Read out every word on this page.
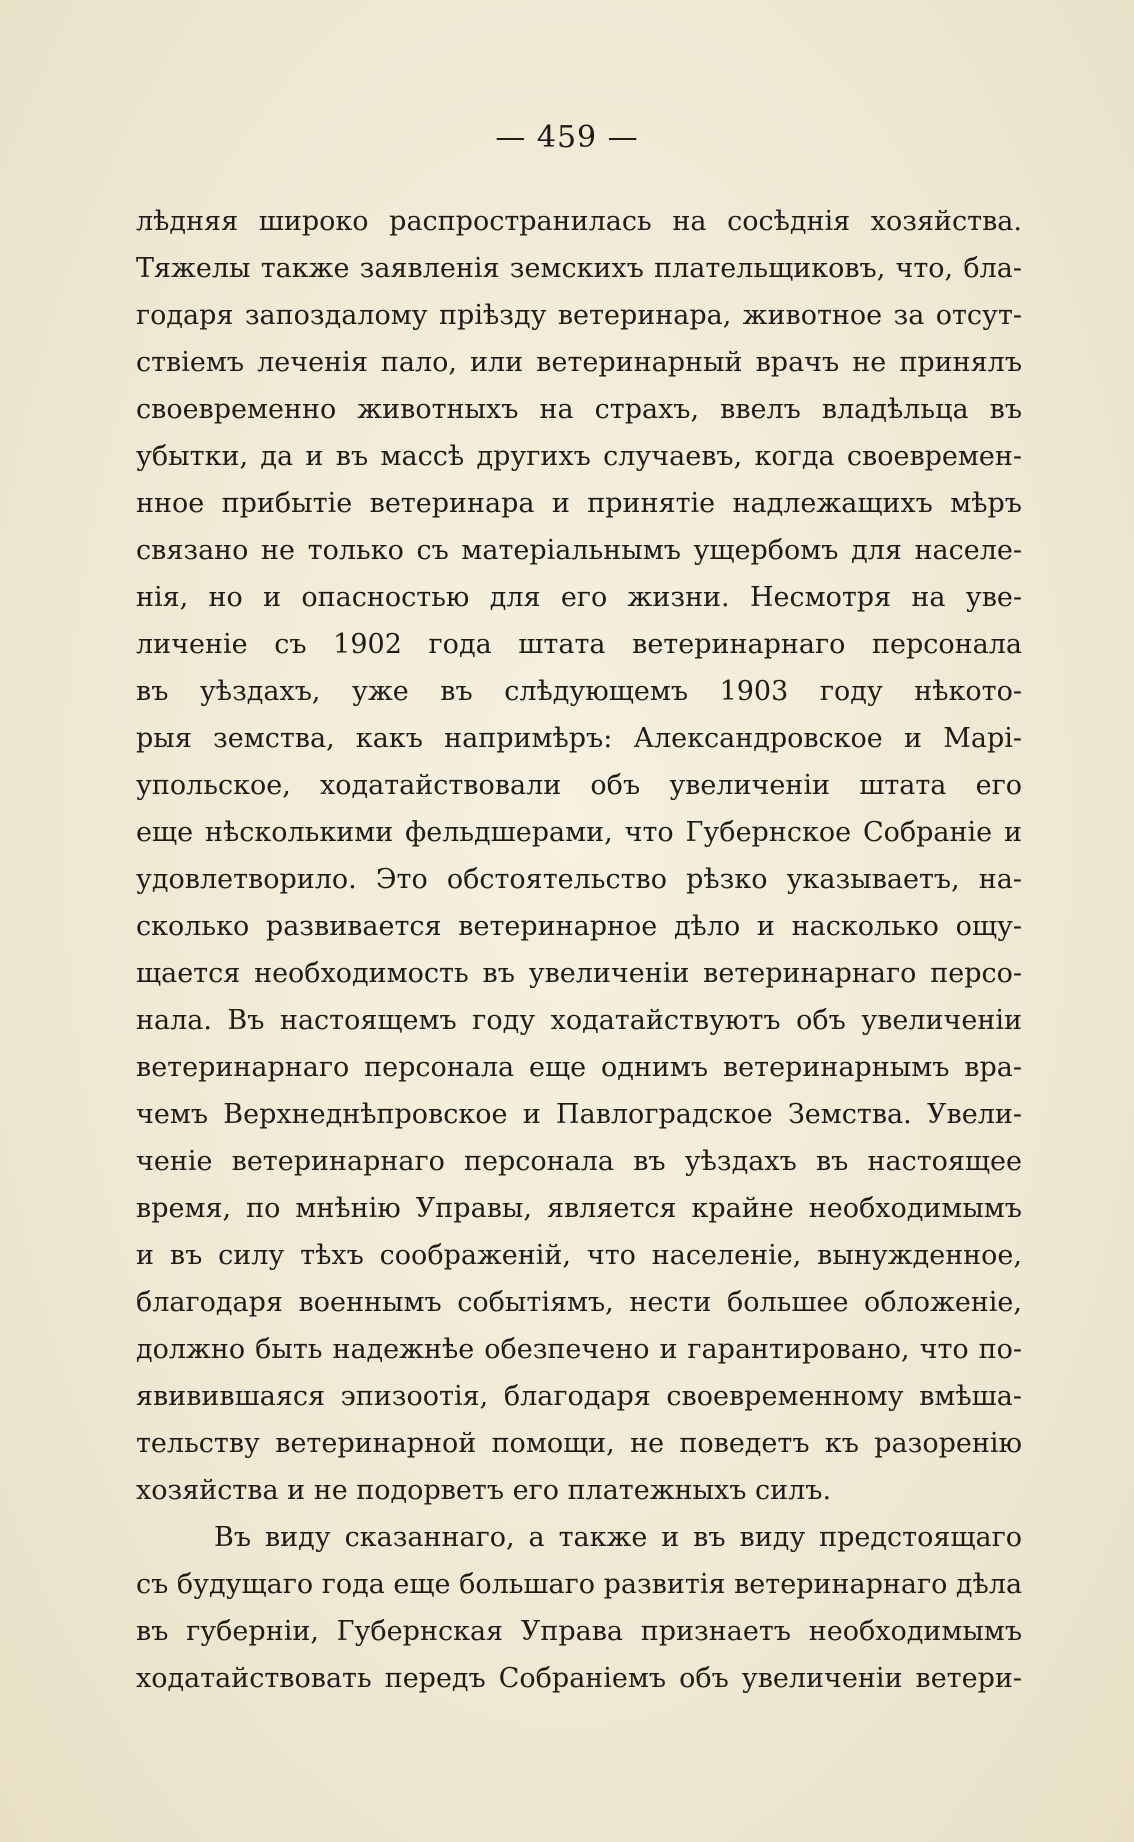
— 459 —
лѣдняя широко распространилась на сосѣднія хозяйства.
Тяжелы также заявленія земскихъ плательщиковъ, что, бла-
годаря запоздалому пріѣзду ветеринара, животное за отсут-
ствіемъ леченія пало, или ветеринарный врачъ не принялъ
своевременно животныхъ на страхъ, ввелъ владѣльца въ
убытки, да и въ массѣ другихъ случаевъ, когда своевремен-
нное прибытіе ветеринара и принятіе надлежащихъ мѣръ
связано не только съ матеріальнымъ ущербомъ для населе-
нія, но и опасностью для его жизни. Несмотря на уве-
личеніе съ 1902 года штата ветеринарнаго персонала
въ уѣздахъ, уже въ слѣдующемъ 1903 году нѣкото-
рыя земства, какъ напримѣръ: Александровское и Марі-
упольское, ходатайствовали объ увеличеніи штата его
еще нѣсколькими фельдшерами, что Губернское Собраніе и
удовлетворило. Это обстоятельство рѣзко указываетъ, на-
сколько развивается ветеринарное дѣло и насколько ощу-
щается необходимость въ увеличеніи ветеринарнаго персо-
нала. Въ настоящемъ году ходатайствуютъ объ увеличеніи
ветеринарнаго персонала еще однимъ ветеринарнымъ вра-
чемъ Верхнеднѣпровское и Павлоградское Земства. Увели-
ченіе ветеринарнаго персонала въ уѣздахъ въ настоящее
время, по мнѣнію Управы, является крайне необходимымъ
и въ силу тѣхъ соображеній, что населеніе, вынужденное,
благодаря военнымъ событіямъ, нести большее обложеніе,
должно быть надежнѣе обезпечено и гарантировано, что по-
явивившаяся эпизоотія, благодаря своевременному вмѣша-
тельству ветеринарной помощи, не поведетъ къ разоренію
хозяйства и не подорветъ его платежныхъ силъ.
Въ виду сказаннаго, а также и въ виду предстоящаго
съ будущаго года еще большаго развитія ветеринарнаго дѣла
въ губерніи, Губернская Управа признаетъ необходимымъ
ходатайствовать передъ Собраніемъ объ увеличеніи ветери-
